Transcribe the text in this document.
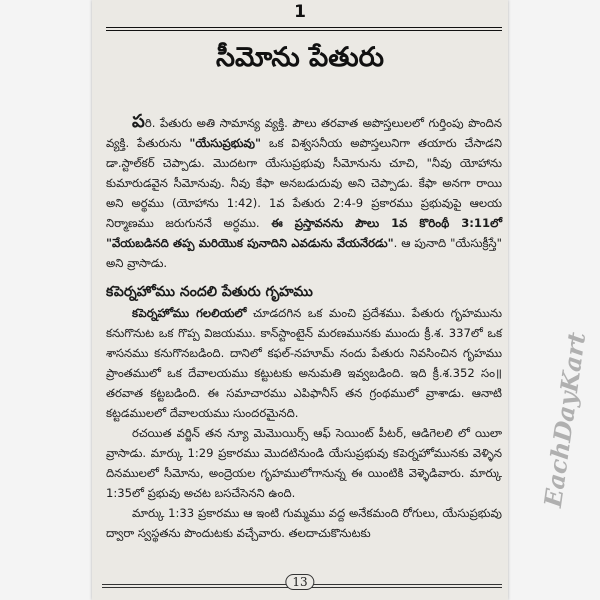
1
సీమోను పేతురు

పరి. పేతురు అతి సామాన్య వ్యక్తి. పౌలు తరవాత అపొస్తలులలో గుర్తింపు పొందిన వ్యక్తి. పేతురును "యేసుప్రభువు" ఒక విశ్వసనీయ అపొస్తలునిగా తయారు చేసాడని డా.స్టాల్‌కర్ చెప్పాడు. మొదటగా యేసుప్రభువు సీమోనును చూచి, "నీవు యోహాను కుమారుడవైన సీమోనువు. నీవు కేఫా అనబడుదువు అని చెప్పాడు. కేఫా అనగా రాయి అని అర్థము (యోహాను 1:42). 1వ పేతురు 2:4-9 ప్రకారము ప్రభువుపై ఆలయ నిర్మాణము జరుగుననే అర్ధము. ఈ ప్రస్తావనను పౌలు 1వ కొరింథీ 3:11లో "వేయబడినది తప్ప మరియొక పునాదిని ఎవడును వేయనేరడు". ఆ పునాది "యేసుక్రీస్తే" అని వ్రాసాడు.

కపెర్నహోము నందలి పేతురు గృహము

కపెర్నహోము గలలియలో చూడదగిన ఒక మంచి ప్రదేశము. పేతురు గృహమును కనుగొనుట ఒక గొప్ప విజయము. కాన్‌స్టాంటైన్ మరణమునకు ముందు క్రీ.శ. 337లో ఒక శాసనము కనుగొనబడింది. దానిలో కఫల్-నహూమ్ నందు పేతురు నివసించిన గృహము ప్రాంతములో ఒక దేవాలయము కట్టుటకు అనుమతి ఇవ్వబడింది. ఇది క్రీ.శ.352 సం॥ తరవాత కట్టబడింది. ఈ సమాచారము ఎపిఫానీస్ తన గ్రంథములో వ్రాశాడు. ఆనాటి కట్టడములలో దేవాలయము సుందరమైనది.

రచయిత వర్జిన్ తన న్యూ మెమొయిర్స్ ఆఫ్ సెయింట్ పీటర్, ఆడిగెలలి లో యిలా వ్రాసాడు. మార్కు 1:29 ప్రకారము మొదటినుండి యేసుప్రభువు కపెర్నహోమునకు వెళ్ళిన దినములలో సీమోను, అంద్రెయల గృహములోగానున్న ఈ యింటికి వెళ్ళెడివారు. మార్కు 1:35లో ప్రభువు అచట బసచేసెనని ఉంది.

మార్కు 1:33 ప్రకారము ఆ ఇంటి గుమ్మము వద్ద అనేకమంది రోగులు, యేసుప్రభువు ద్వారా స్వస్థతను పొందుటకు వచ్చేవారు. తలదాచుకొనుటకు

13
EachDayKart
